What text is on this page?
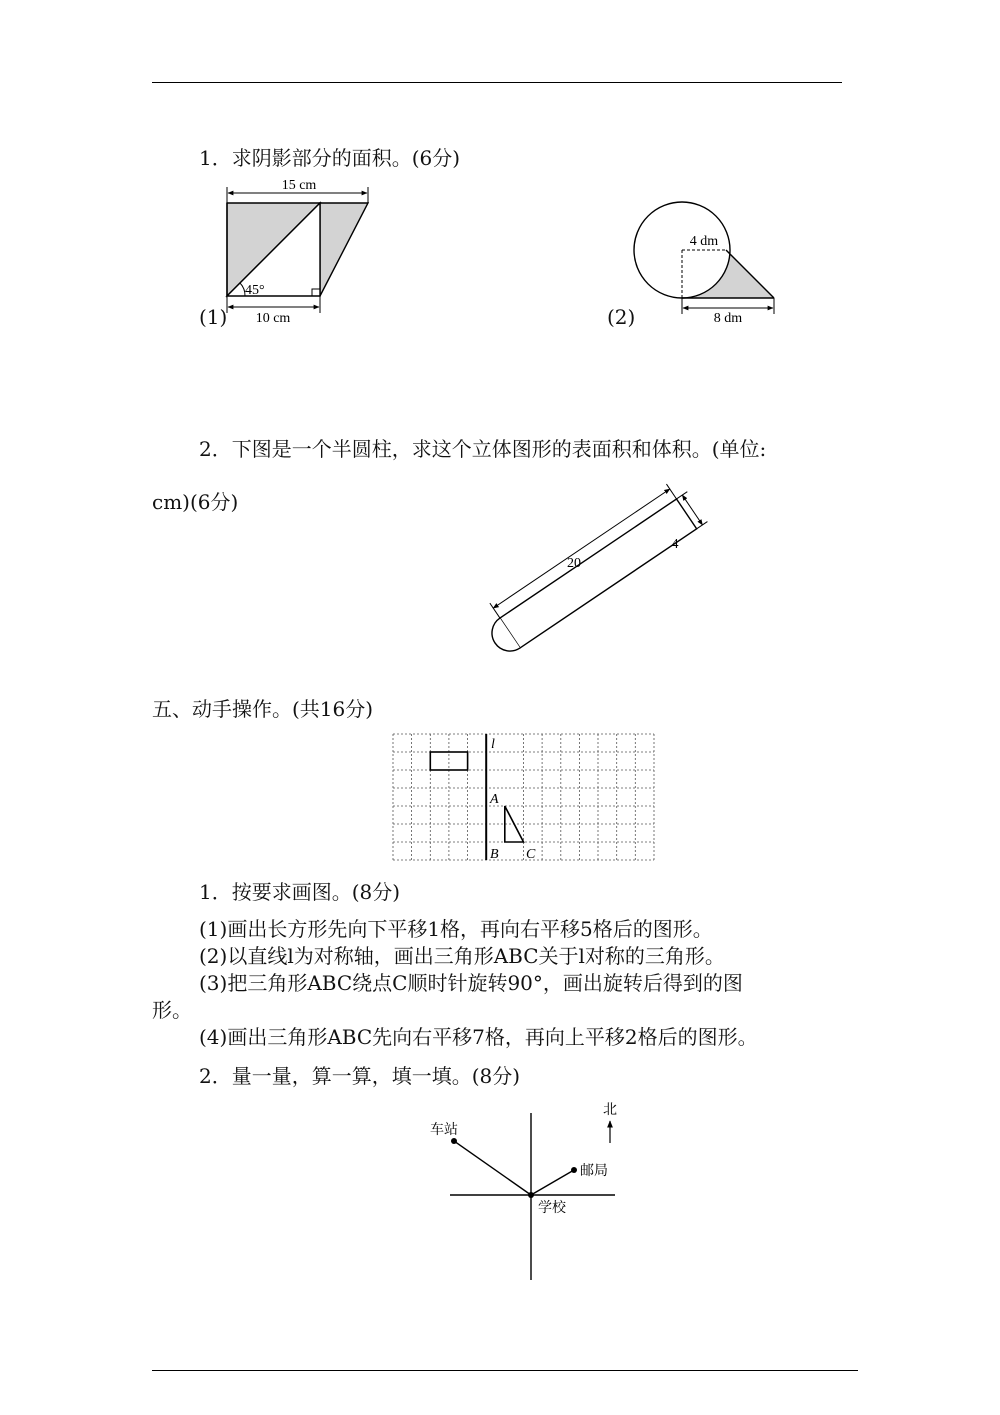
1．求阴影部分的面积。(6分)
(1)
15 cm
10 cm
45°
(2)
4 dm
8 dm
2．下图是一个半圆柱，求这个立体图形的表面积和体积。(单位:
cm)(6分)
20
4
五、动手操作。(共16分)
l
A
B C
1．按要求画图。(8分)
(1)画出长方形先向下平移1格，再向右平移5格后的图形。
(2)以直线l为对称轴，画出三角形ABC关于l对称的三角形。
(3)把三角形ABC绕点C顺时针旋转90°，画出旋转后得到的图
形。
(4)画出三角形ABC先向右平移7格，再向上平移2格后的图形。
2．量一量，算一算，填一填。(8分)
北
车站
邮局
学校
